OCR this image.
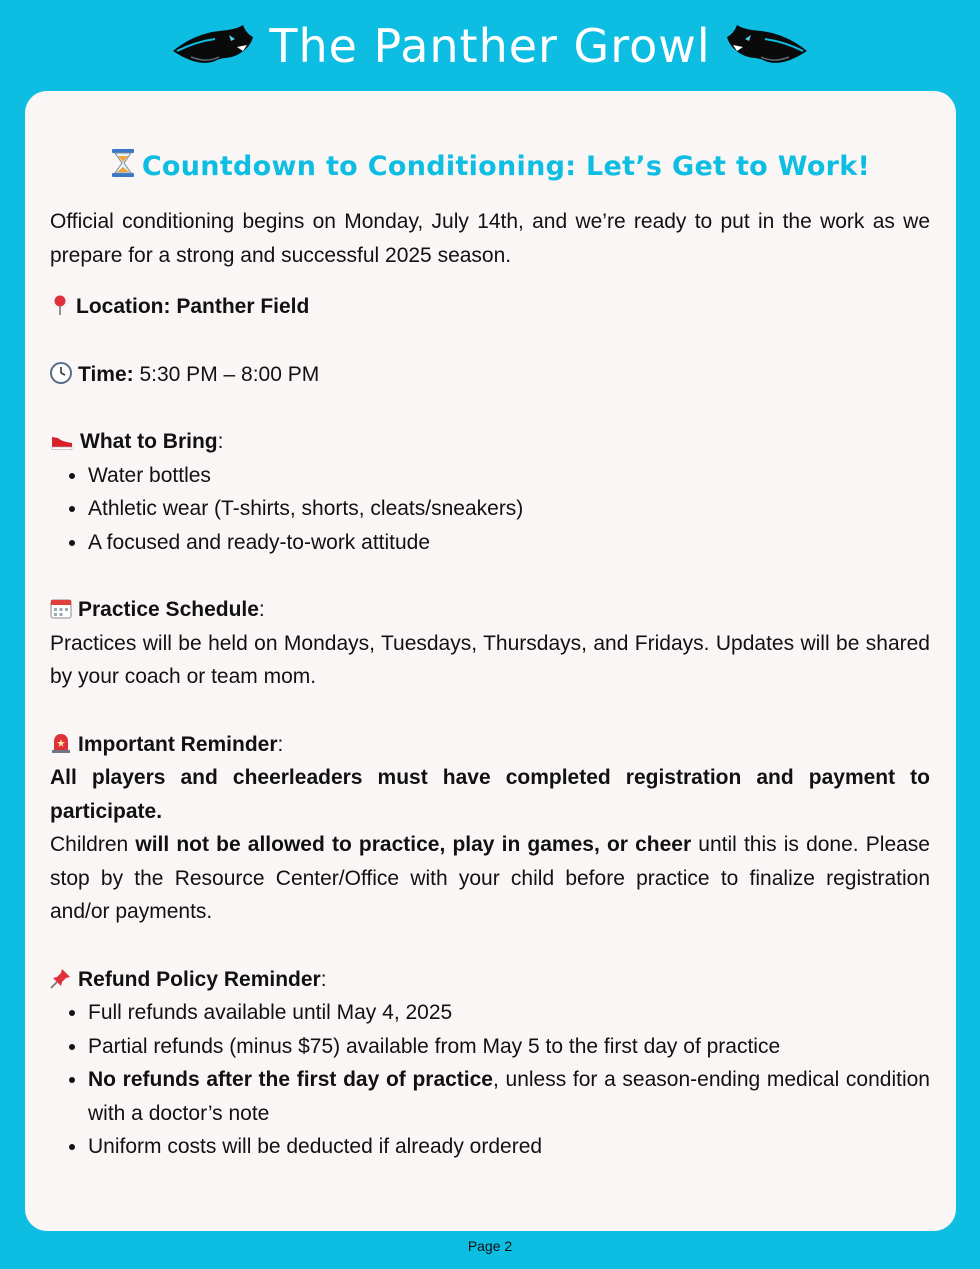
The Panther Growl
Countdown to Conditioning: Let’s Get to Work!

Official conditioning begins on Monday, July 14th, and we’re ready to put in the work as we prepare for a strong and successful 2025 season.

Location: Panther Field

Time: 5:30 PM – 8:00 PM

What to Bring:

• Water bottles
• Athletic wear (T-shirts, shorts, cleats/sneakers)
• A focused and ready-to-work attitude

Practice Schedule:

Practices will be held on Mondays, Tuesdays, Thursdays, and Fridays. Updates will be shared by your coach or team mom.

Important Reminder:

All players and cheerleaders must have completed registration and payment to participate.

Children will not be allowed to practice, play in games, or cheer until this is done. Please stop by the Resource Center/Office with your child before practice to finalize registration and/or payments.

Refund Policy Reminder:

• Full refunds available until May 4, 2025
• Partial refunds (minus $75) available from May 5 to the first day of practice
• No refunds after the first day of practice, unless for a season-ending medical condition with a doctor’s note
• Uniform costs will be deducted if already ordered
Page 2
